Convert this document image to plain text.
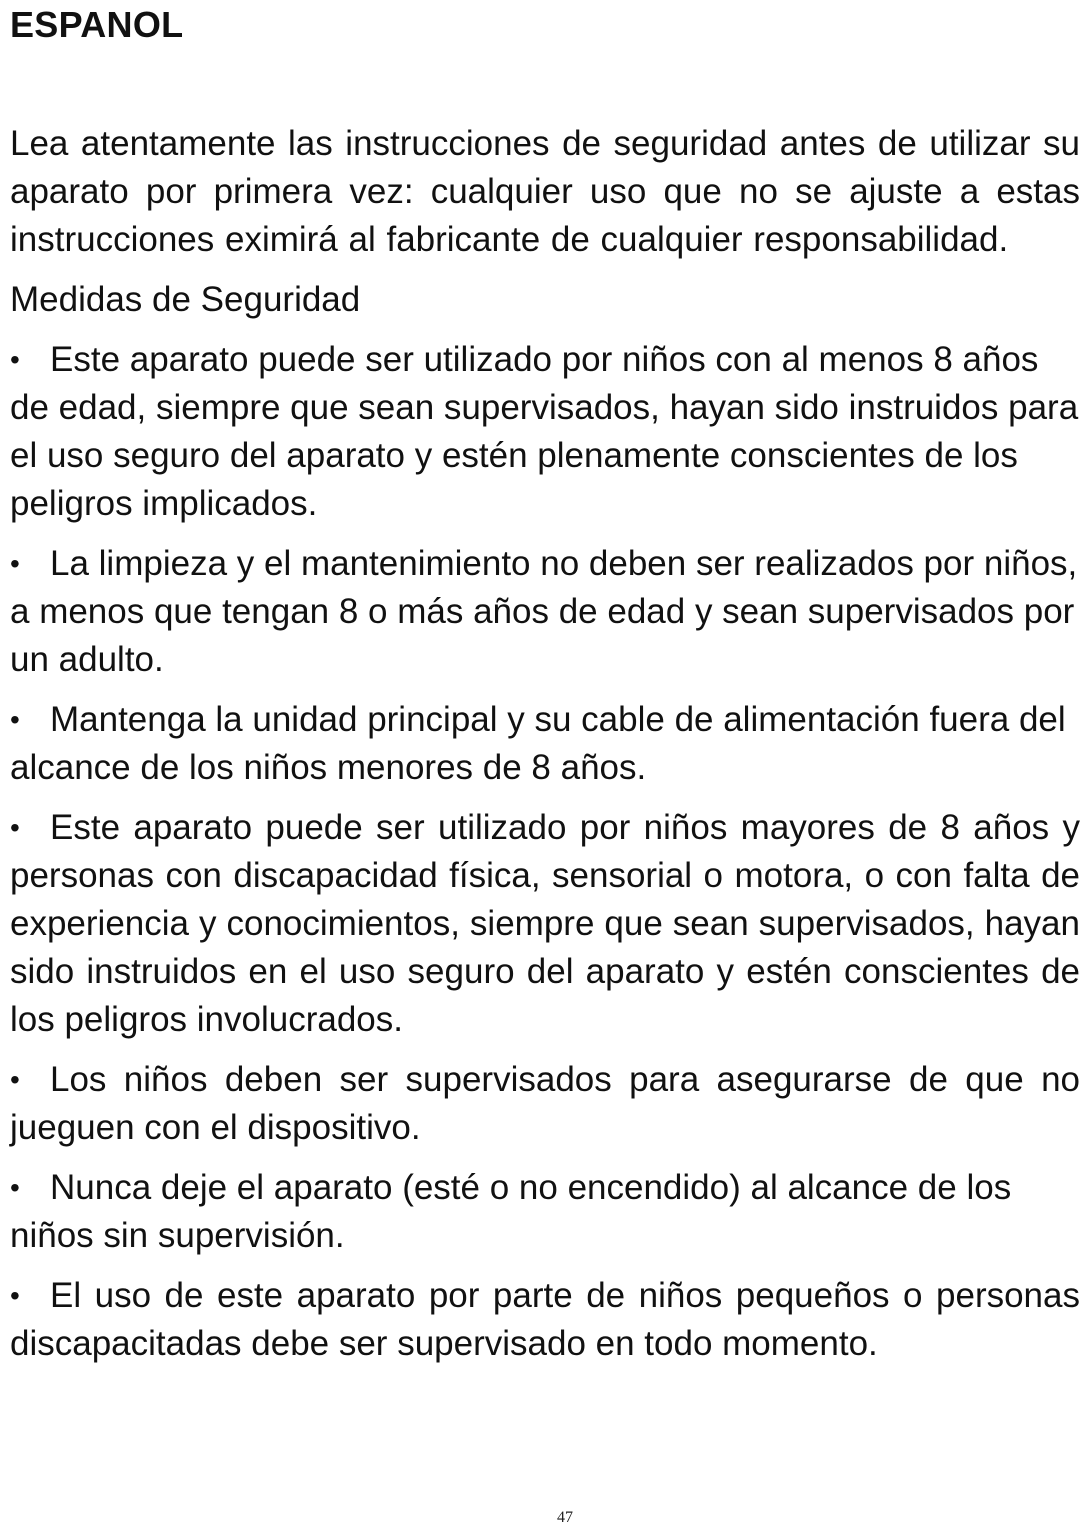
ESPANOL

Lea atentamente las instrucciones de seguridad antes de utilizar su aparato por primera vez: cualquier uso que no se ajuste a estas instrucciones eximirá al fabricante de cualquier responsabilidad.

Medidas de Seguridad

• Este aparato puede ser utilizado por niños con al menos 8 años de edad, siempre que sean supervisados, hayan sido instruidos para el uso seguro del aparato y estén plenamente conscientes de los peligros implicados.

• La limpieza y el mantenimiento no deben ser realizados por niños, a menos que tengan 8 o más años de edad y sean supervisados por un adulto.

• Mantenga la unidad principal y su cable de alimentación fuera del alcance de los niños menores de 8 años.

• Este aparato puede ser utilizado por niños mayores de 8 años y personas con discapacidad física, sensorial o motora, o con falta de experiencia y conocimientos, siempre que sean supervisados, hayan sido instruidos en el uso seguro del aparato y estén conscientes de los peligros involucrados.

• Los niños deben ser supervisados para asegurarse de que no jueguen con el dispositivo.

• Nunca deje el aparato (esté o no encendido) al alcance de los niños sin supervisión.

• El uso de este aparato por parte de niños pequeños o personas discapacitadas debe ser supervisado en todo momento.

47
